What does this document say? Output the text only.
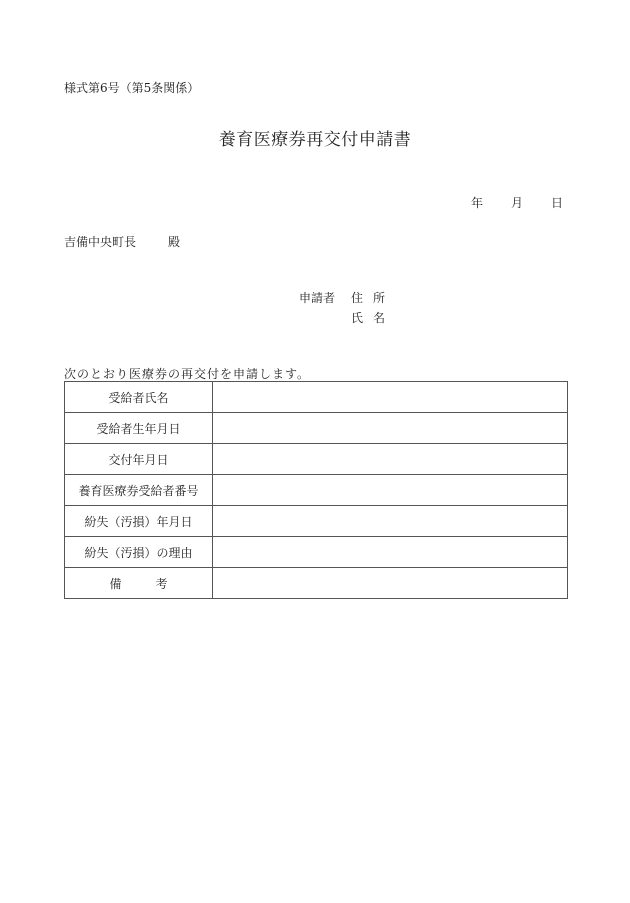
様式第6号（第5条関係）
養育医療券再交付申請書
年 月 日
吉備中央町長	殿
申請者 住所
氏名
次のとおり医療券の再交付を申請します。
受給者氏名	
受給者生年月日	
交付年月日	
養育医療券受給者番号	
紛失（汚損）年月日	
紛失（汚損）の理由	
備考	
